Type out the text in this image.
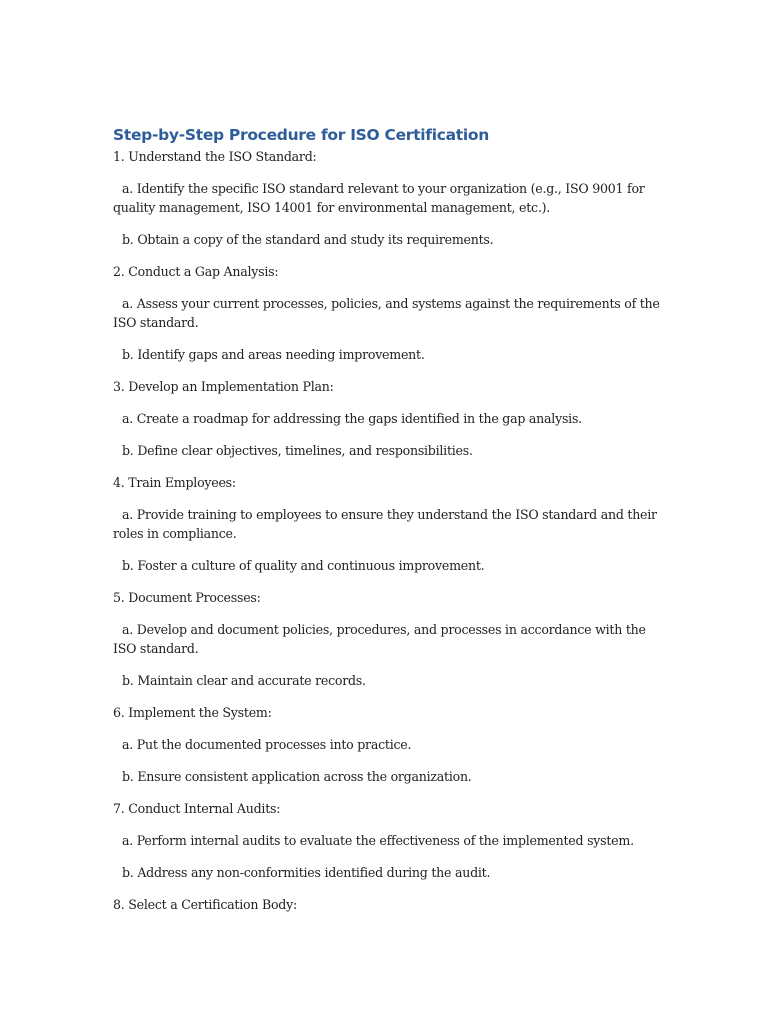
Step-by-Step Procedure for ISO Certification

1. Understand the ISO Standard:

a. Identify the specific ISO standard relevant to your organization (e.g., ISO 9001 for quality management, ISO 14001 for environmental management, etc.).

b. Obtain a copy of the standard and study its requirements.

2. Conduct a Gap Analysis:

a. Assess your current processes, policies, and systems against the requirements of the ISO standard.

b. Identify gaps and areas needing improvement.

3. Develop an Implementation Plan:

a. Create a roadmap for addressing the gaps identified in the gap analysis.

b. Define clear objectives, timelines, and responsibilities.

4. Train Employees:

a. Provide training to employees to ensure they understand the ISO standard and their roles in compliance.

b. Foster a culture of quality and continuous improvement.

5. Document Processes:

a. Develop and document policies, procedures, and processes in accordance with the ISO standard.

b. Maintain clear and accurate records.

6. Implement the System:

a. Put the documented processes into practice.

b. Ensure consistent application across the organization.

7. Conduct Internal Audits:

a. Perform internal audits to evaluate the effectiveness of the implemented system.

b. Address any non-conformities identified during the audit.

8. Select a Certification Body:
